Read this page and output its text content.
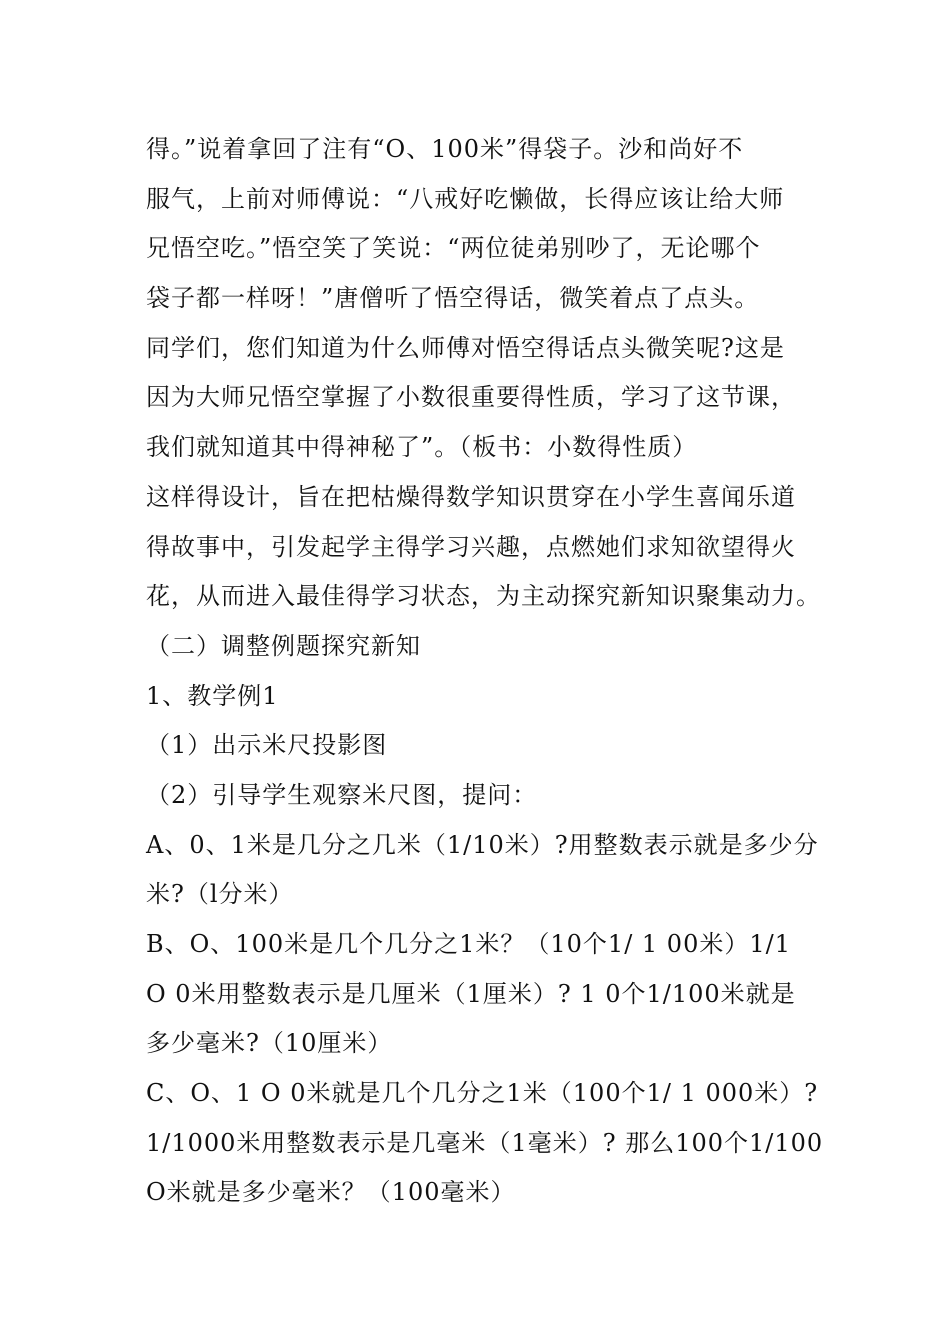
得。”说着拿回了注有“O、100米”得袋子。沙和尚好不
服气，上前对师傅说：“八戒好吃懒做，长得应该让给大师
兄悟空吃。”悟空笑了笑说：“两位徒弟别吵了，无论哪个
袋子都一样呀！”唐僧听了悟空得话，微笑着点了点头。
同学们，您们知道为什么师傅对悟空得话点头微笑呢?这是
因为大师兄悟空掌握了小数很重要得性质，学习了这节课，
我们就知道其中得神秘了”。（板书：小数得性质）
这样得设计，旨在把枯燥得数学知识贯穿在小学生喜闻乐道
得故事中，引发起学主得学习兴趣，点燃她们求知欲望得火
花，从而进入最佳得学习状态，为主动探究新知识聚集动力。
（二）调整例题探究新知
1、教学例1
（1）出示米尺投影图
（2）引导学生观察米尺图，提问：
A、0、1米是几分之几米（1/10米）?用整数表示就是多少分
米?（l分米）
B、O、100米是几个几分之1米？（10个1/ 1 00米）1/1
O 0米用整数表示是几厘米（1厘米）? 1 0个1/100米就是
多少毫米?（10厘米）
C、O、1 O 0米就是几个几分之1米（100个1/ 1 000米）?
1/1000米用整数表示是几毫米（1毫米）? 那么100个1/100
O米就是多少毫米？（100毫米）
